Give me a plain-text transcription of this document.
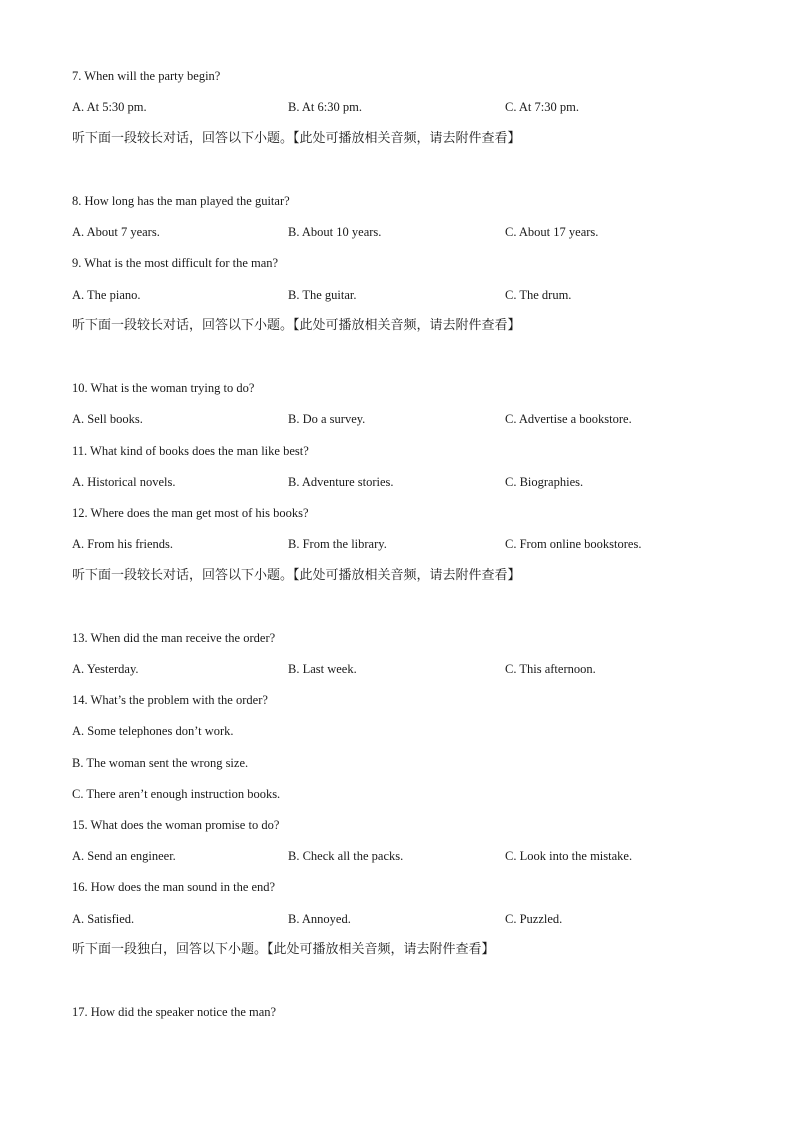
7. When will the party begin?
A. At 5:30 pm.	B. At 6:30 pm.	C. At 7:30 pm.
听下面一段较长对话，回答以下小题。【此处可播放相关音频，请去附件查看】
8. How long has the man played the guitar?
A. About 7 years.	B. About 10 years.	C. About 17 years.
9. What is the most difficult for the man?
A. The piano.	B. The guitar.	C. The drum.
听下面一段较长对话，回答以下小题。【此处可播放相关音频，请去附件查看】
10. What is the woman trying to do?
A. Sell books.	B. Do a survey.	C. Advertise a bookstore.
11. What kind of books does the man like best?
A. Historical novels.	B. Adventure stories.	C. Biographies.
12. Where does the man get most of his books?
A. From his friends.	B. From the library.	C. From online bookstores.
听下面一段较长对话，回答以下小题。【此处可播放相关音频，请去附件查看】
13. When did the man receive the order?
A. Yesterday.	B. Last week.	C. This afternoon.
14. What’s the problem with the order?
A. Some telephones don’t work.
B. The woman sent the wrong size.
C. There aren’t enough instruction books.
15. What does the woman promise to do?
A. Send an engineer.	B. Check all the packs.	C. Look into the mistake.
16. How does the man sound in the end?
A. Satisfied.	B. Annoyed.	C. Puzzled.
听下面一段独白，回答以下小题。【此处可播放相关音频，请去附件查看】
17. How did the speaker notice the man?
